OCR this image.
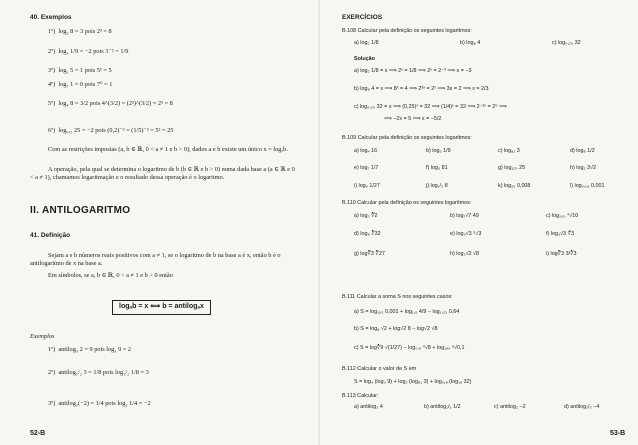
40. Exemplos
1º) log₂ 8 = 3 pois 2³ = 8
2º) log₃ 1/9 = −2 pois 3⁻² = 1/9
3º) log₅ 5 = 1 pois 5¹ = 5
4º) log₇ 1 = 0 pois 7⁰ = 1
5º) log₄ 8 = 3/2 pois 4^(3/2) = (2²)^(3/2) = 2³ = 8
6º) log₀,₂ 25 = −2 pois (0,2)⁻² = (1/5)⁻² = 5² = 25
Com as restrições impostas (a, b ∈ ℝ, 0 < a ≠ 1 e b > 0), dados a e b existe um único x = logₐb.
A operação, pela qual se determina o logaritmo de b (b ∈ ℝ e b > 0) numa dada base a (a ∈ ℝ e 0 < a ≠ 1), chamamos logaritmação e o resultado dessa operação é o logaritmo.
II. ANTILOGARITMO
41. Definição
Sejam a e b números reais positivos com a ≠ 1, se o logaritmo de b na base a é x, então b é o antilogaritmo de x na base a.
Em símbolos, se a, b ∈ ℝ, 0 < a ≠ 1 e b > 0 então
logₐb = x ⟺ b = antilogₐx
Exemplos
1º) antilog₃ 2 = 9 pois log₃ 9 = 2
2º) antilog₁/₂ 3 = 1/8 pois log₁/₂ 1/8 = 3
3º) antilog₂(−2) = 1/4 pois log₂ 1/4 = −2
52-B
EXERCÍCIOS
B.108 Calcular pela definição os seguintes logaritmos:
a) log₂ 1/8	b) log₈ 4	c) log₀,₂₅ 32
Solução
a) log₂ 1/8 = x ⟹ 2ˣ = 1/8 ⟹ 2ˣ = 2⁻³ ⟹ x = −3
b) log₈ 4 = x ⟹ 8ˣ = 4 ⟹ 2³ˣ = 2² ⟹ 3x = 2 ⟹ x = 2/3
c) log₀,₂₅ 32 = x ⟹ (0,25)ˣ = 32 ⟹ (1/4)ˣ = 32 ⟹ 2⁻²ˣ = 2⁵ ⟹
⟹ −2x = 5 ⟹ x = −5/2
B.109 Calcular pela definição os seguintes logaritmos:
a) log₄ 16	b) log₃ 1/9	c) log₈₁ 3	d) log₈ 1/2
e) log₇ 1/7	f) log₃ 81	g) log₁₂₅ 25	h) log₂ 3√2
i) log₉ 1/27	j) log₁/₃ 8	k) log₂₅ 0,008	l) log₀,₀₁ 0,001
B.110 Calcular pela definição os seguintes logaritmos:
a) log₂ ∛2	b) log₇√7 49	c) log₁₀₀ ⁴√10
d) log₈ ∛32	e) log₃√3 ⁵√3	f) log₃√3 ∜3
g) log∛3 ∛27	h) log₂√2 √8	i) log∛3 3/∛3
B.111 Calcular a soma S nos seguintes casos:
a) S = log₁₀₀ 0,001 + log₁,₅ 4/9 − log₁,₂₅ 0,64
b) S = log₈ √2 + log√2 8 − log√2 √8
c) S = log∛9 √(1/27) − log₀,₅ ⁴√8 + log₁₉₆ ⁶√0,1
B.112 Calcular o valor de S em
S = log₄ (log₃ 9) + log₂ (log₈₁ 3) + log₀,₈ (log₁₆ 32)
B.113 Calcular:
a) antilog₃ 4	b) antilog₁/₂ 1/2	c) antilog₂ −2	d) antilog₁/₃ −4
53-B
